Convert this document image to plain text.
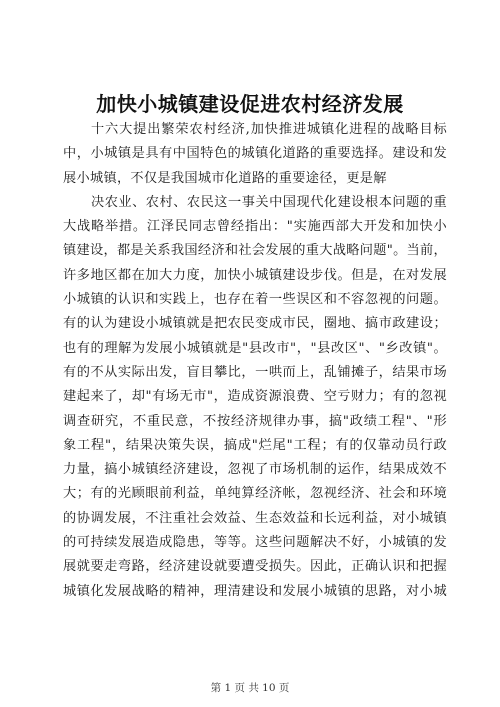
加快小城镇建设促进农村经济发展
十六大提出繁荣农村经济,加快推进城镇化进程的战略目标
中，小城镇是具有中国特色的城镇化道路的重要选择。建设和发
展小城镇，不仅是我国城市化道路的重要途径，更是解
决农业、农村、农民这一事关中国现代化建设根本问题的重
大战略举措。江泽民同志曾经指出："实施西部大开发和加快小
镇建设，都是关系我国经济和社会发展的重大战略问题"。当前，
许多地区都在加大力度，加快小城镇建设步伐。但是，在对发展
小城镇的认识和实践上，也存在着一些误区和不容忽视的问题。
有的认为建设小城镇就是把农民变成市民，圈地、搞市政建设；
也有的理解为发展小城镇就是"县改市"，"县改区"、"乡改镇"。
有的不从实际出发，盲目攀比，一哄而上，乱铺摊子，结果市场
建起来了，却"有场无市"，造成资源浪费、空亏财力；有的忽视
调查研究，不重民意，不按经济规律办事，搞"政绩工程"、"形
象工程"，结果决策失误，搞成"烂尾"工程；有的仅靠动员行政
力量，搞小城镇经济建设，忽视了市场机制的运作，结果成效不
大；有的光顾眼前利益，单纯算经济帐，忽视经济、社会和环境
的协调发展，不注重社会效益、生态效益和长远利益，对小城镇
的可持续发展造成隐患，等等。这些问题解决不好，小城镇的发
展就要走弯路，经济建设就要遭受损失。因此，正确认识和把握
城镇化发展战略的精神，理清建设和发展小城镇的思路，对小城
第 1 页 共 10 页
